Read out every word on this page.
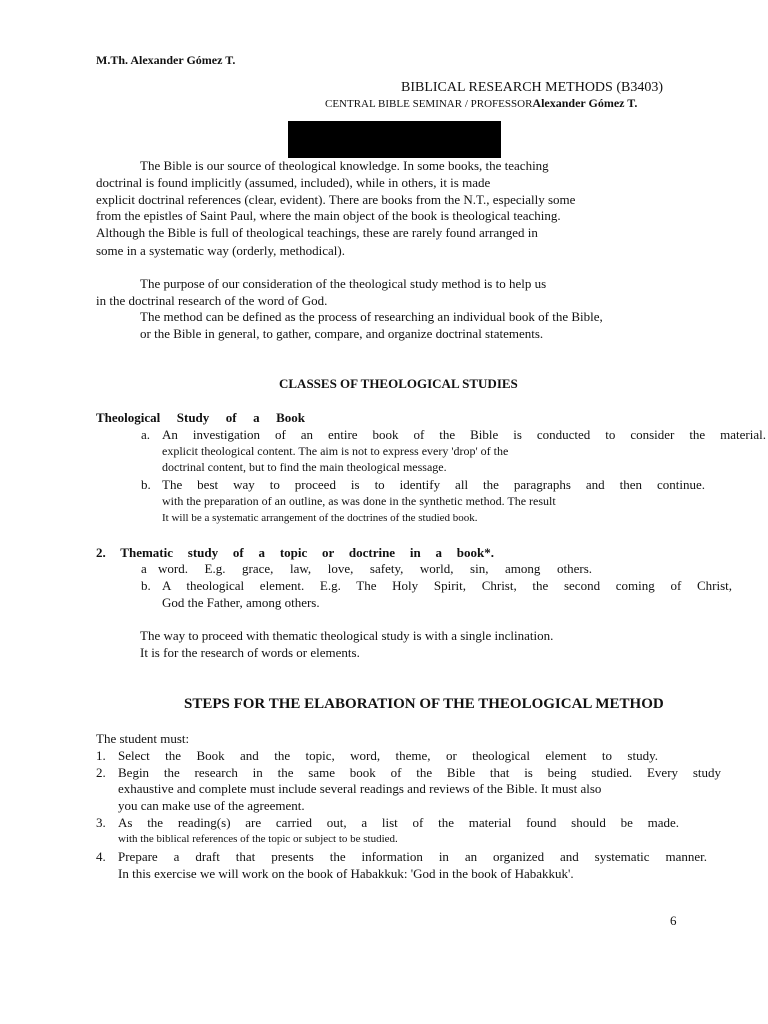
M.Th. Alexander Gómez T.
BIBLICAL RESEARCH METHODS (B3403)
CENTRAL BIBLE SEMINAR / PROFESSORAlexander Gómez T.
The Bible is our source of theological knowledge. In some books, the teaching
doctrinal is found implicitly (assumed, included), while in others, it is made
explicit doctrinal references (clear, evident). There are books from the N.T., especially some
from the epistles of Saint Paul, where the main object of the book is theological teaching.
Although the Bible is full of theological teachings, these are rarely found arranged in
some in a systematic way (orderly, methodical).
The purpose of our consideration of the theological study method is to help us
in the doctrinal research of the word of God.
The method can be defined as the process of researching an individual book of the Bible,
or the Bible in general, to gather, compare, and organize doctrinal statements.
CLASSES OF THEOLOGICAL STUDIES
Theological Study of a Book
a. An investigation of an entire book of the Bible is conducted to consider the material.
explicit theological content. The aim is not to express every 'drop' of the
doctrinal content, but to find the main theological message.
b. The best way to proceed is to identify all the paragraphs and then continue.
with the preparation of an outline, as was done in the synthetic method. The result
It will be a systematic arrangement of the doctrines of the studied book.
2. Thematic study of a topic or doctrine in a book*.
a word. E.g. grace, law, love, safety, world, sin, among others.
b. A theological element. E.g. The Holy Spirit, Christ, the second coming of Christ,
God the Father, among others.
The way to proceed with thematic theological study is with a single inclination.
It is for the research of words or elements.
STEPS FOR THE ELABORATION OF THE THEOLOGICAL METHOD
The student must:
1. Select the Book and the topic, word, theme, or theological element to study.
2. Begin the research in the same book of the Bible that is being studied. Every study
exhaustive and complete must include several readings and reviews of the Bible. It must also
you can make use of the agreement.
3. As the reading(s) are carried out, a list of the material found should be made.
with the biblical references of the topic or subject to be studied.
4. Prepare a draft that presents the information in an organized and systematic manner.
In this exercise we will work on the book of Habakkuk: 'God in the book of Habakkuk'.
6
